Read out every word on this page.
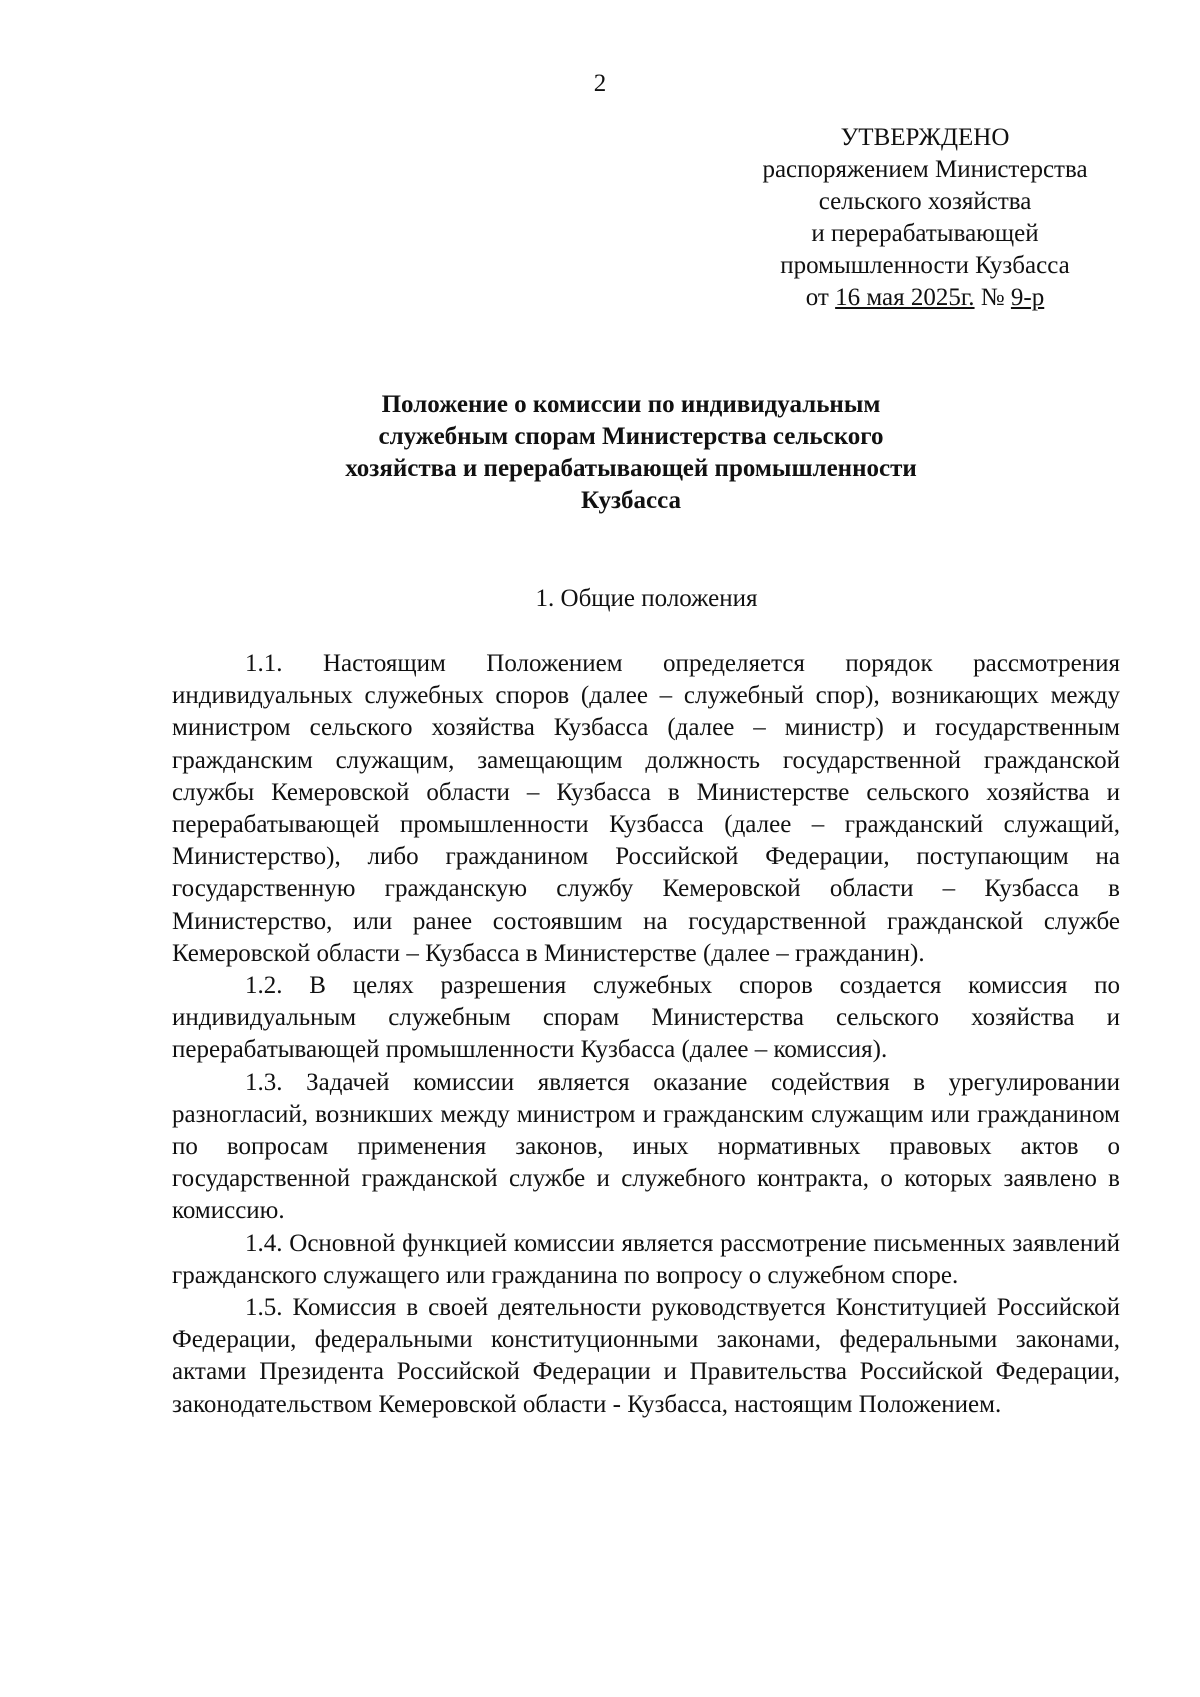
2
УТВЕРЖДЕНО
распоряжением Министерства
сельского хозяйства
и перерабатывающей
промышленности Кузбасса
от 16 мая 2025г. № 9-р
Положение о комиссии по индивидуальным
служебным спорам Министерства сельского
хозяйства и перерабатывающей промышленности
Кузбасса
1. Общие положения

1.1. Настоящим Положением определяется порядок рассмотрения индивидуальных служебных споров (далее – служебный спор), возникающих между министром сельского хозяйства Кузбасса (далее – министр) и государственным гражданским служащим, замещающим должность государственной гражданской службы Кемеровской области – Кузбасса в Министерстве сельского хозяйства и перерабатывающей промышленности Кузбасса (далее – гражданский служащий, Министерство), либо гражданином Российской Федерации, поступающим на государственную гражданскую службу Кемеровской области – Кузбасса в Министерство, или ранее состоявшим на государственной гражданской службе Кемеровской области – Кузбасса в Министерстве (далее – гражданин).

1.2. В целях разрешения служебных споров создается комиссия по индивидуальным служебным спорам Министерства сельского хозяйства и перерабатывающей промышленности Кузбасса (далее – комиссия).

1.3. Задачей комиссии является оказание содействия в урегулировании разногласий, возникших между министром и гражданским служащим или гражданином по вопросам применения законов, иных нормативных правовых актов о государственной гражданской службе и служебного контракта, о которых заявлено в комиссию.

1.4. Основной функцией комиссии является рассмотрение письменных заявлений гражданского служащего или гражданина по вопросу о служебном споре.

1.5. Комиссия в своей деятельности руководствуется Конституцией Российской Федерации, федеральными конституционными законами, федеральными законами, актами Президента Российской Федерации и Правительства Российской Федерации, законодательством Кемеровской области - Кузбасса, настоящим Положением.
